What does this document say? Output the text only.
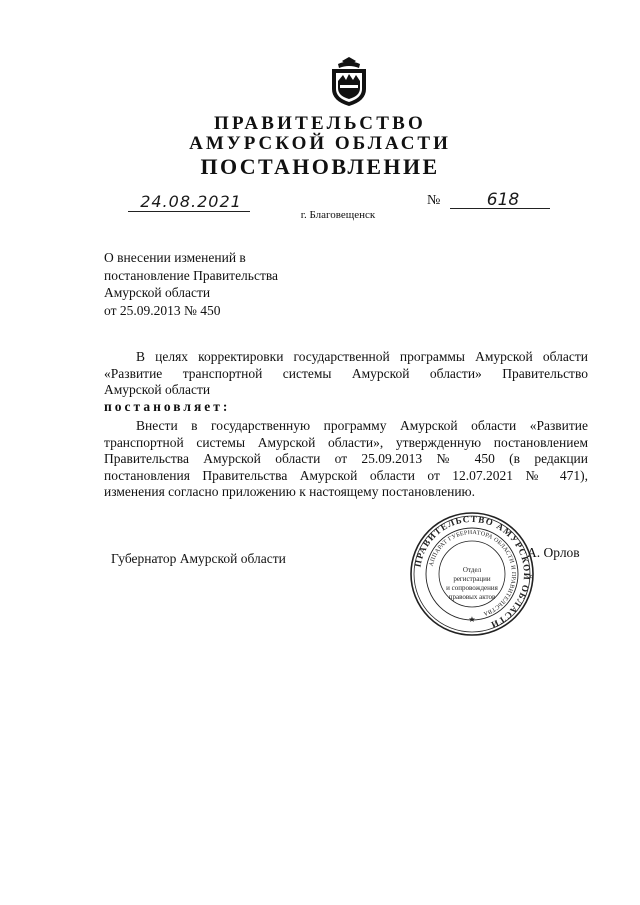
ПРАВИТЕЛЬСТВО
АМУРСКОЙ ОБЛАСТИ
ПОСТАНОВЛЕНИЕ
24.08.2021	№	618
г. Благовещенск
О внесении изменений в
постановление Правительства
Амурской области
от 25.09.2013 № 450
В целях корректировки государственной программы Амурской области
«Развитие транспортной системы Амурской области» Правительство
Амурской области
постановляет:
Внести в государственную программу Амурской области «Развитие
транспортной системы Амурской области», утвержденную постановлением
Правительства Амурской области от 25.09.2013 № 450 (в редакции
постановления Правительства Амурской области от 12.07.2021 № 471),
изменения согласно приложению к настоящему постановлению.
Губернатор Амурской области	ПРАВИТЕЛЬСТВО АМУРСКОЙ ОБЛАСТИ
АППАРАТ ГУБЕРНАТОРА ОБЛАСТИ И ПРАВИТЕЛЬСТВА
Отдел
регистрации
и сопровождения
правовых актов
★
А. Орлов
